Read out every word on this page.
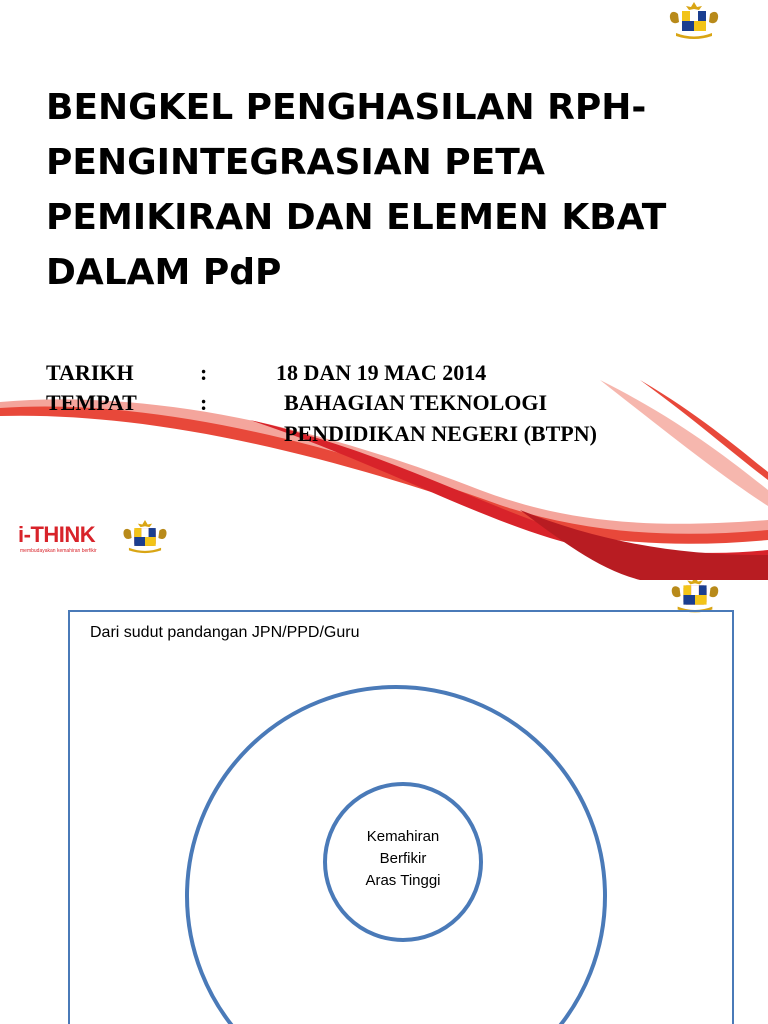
BENGKEL PENGHASILAN RPH-
PENGINTEGRASIAN PETA
PEMIKIRAN DAN ELEMEN KBAT
DALAM PdP
TARIKH	:	18 DAN 19 MAC 2014
TEMPAT	:	BAHAGIAN TEKNOLOGI
PENDIDIKAN NEGERI (BTPN)
i-THINK
membudayakan kemahiran berfikir
Dari sudut pandangan JPN/PPD/Guru
Kemahiran
Berfikir
Aras Tinggi
